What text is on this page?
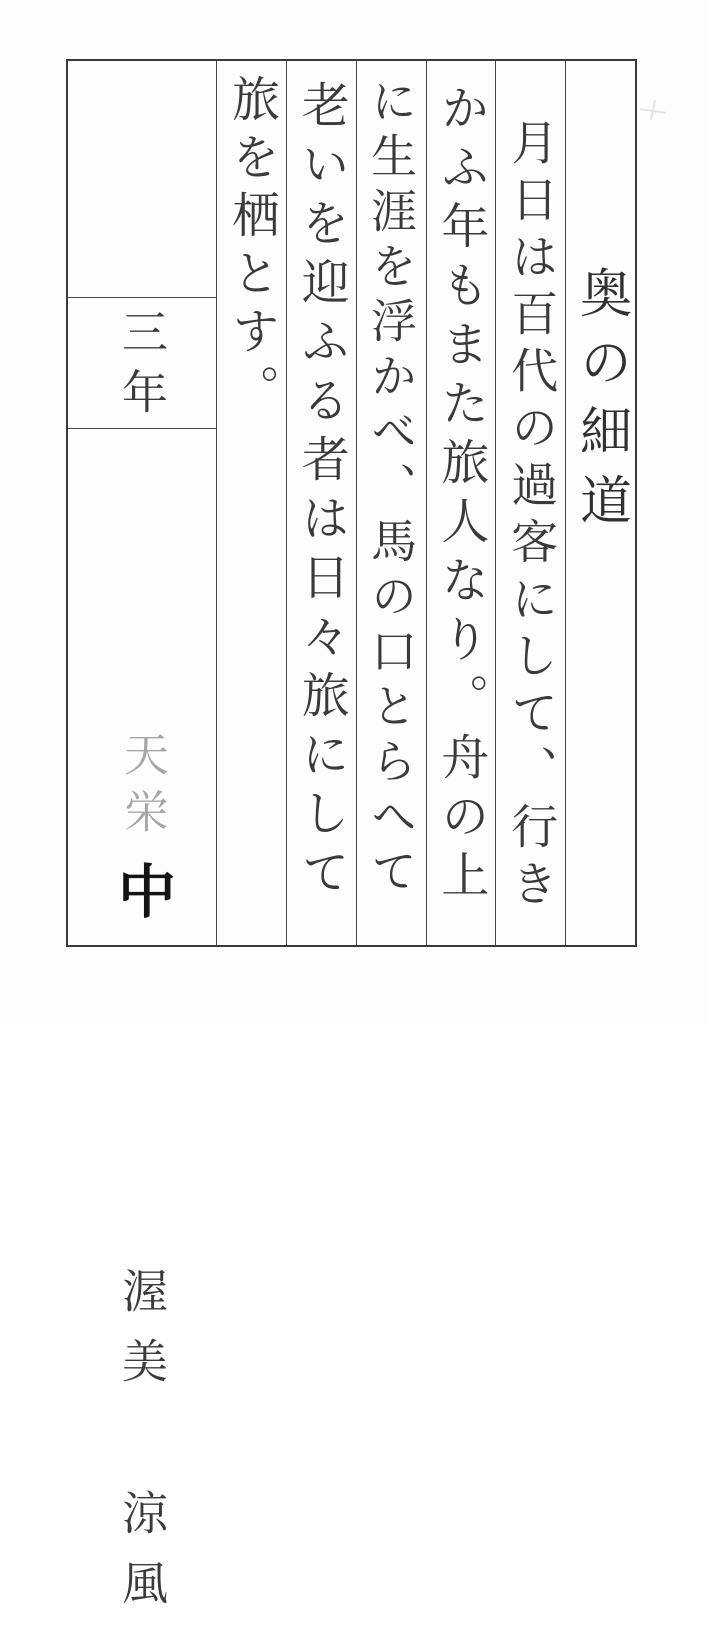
奥の細道
月日は百代の過客にして、行き
かふ年もまた旅人なり。舟の上
に生涯を浮かべ、馬の口とらへて
老いを迎ふる者は日々旅にして
旅を栖とす。

天栄中

三年

渥美涼風
